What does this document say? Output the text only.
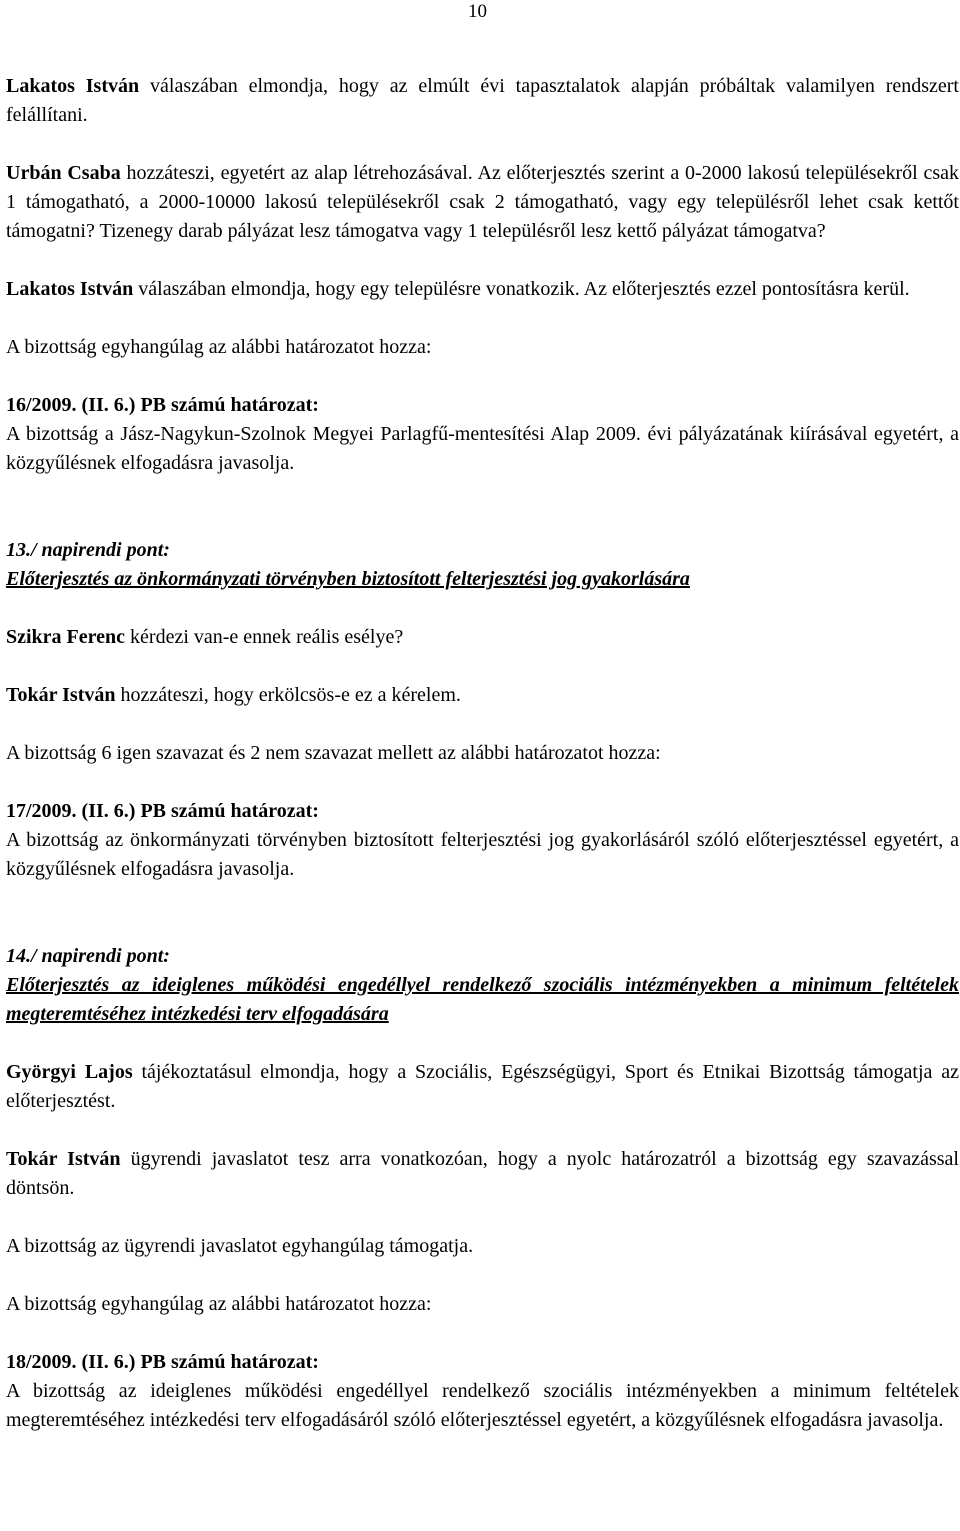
10

Lakatos István válaszában elmondja, hogy az elmúlt évi tapasztalatok alapján próbáltak valamilyen rendszert felállítani.

Urbán Csaba hozzáteszi, egyetért az alap létrehozásával. Az előterjesztés szerint a 0-2000 lakosú településekről csak 1 támogatható, a 2000-10000 lakosú településekről csak 2 támogatható, vagy egy településről lehet csak kettőt támogatni? Tizenegy darab pályázat lesz támogatva vagy 1 településről lesz kettő pályázat támogatva?

Lakatos István válaszában elmondja, hogy egy településre vonatkozik. Az előterjesztés ezzel pontosításra kerül.

A bizottság egyhangúlag az alábbi határozatot hozza:

16/2009. (II. 6.) PB számú határozat:

A bizottság a Jász-Nagykun-Szolnok Megyei Parlagfű-mentesítési Alap 2009. évi pályázatának kiírásával egyetért, a közgyűlésnek elfogadásra javasolja.

13./ napirendi pont:

Előterjesztés az önkormányzati törvényben biztosított felterjesztési jog gyakorlására

Szikra Ferenc kérdezi van-e ennek reális esélye?

Tokár István hozzáteszi, hogy erkölcsös-e ez a kérelem.

A bizottság 6 igen szavazat és 2 nem szavazat mellett az alábbi határozatot hozza:

17/2009. (II. 6.) PB számú határozat:

A bizottság az önkormányzati törvényben biztosított felterjesztési jog gyakorlásáról szóló előterjesztéssel egyetért, a közgyűlésnek elfogadásra javasolja.

14./ napirendi pont:

Előterjesztés az ideiglenes működési engedéllyel rendelkező szociális intézményekben a minimum feltételek megteremtéséhez intézkedési terv elfogadására

Györgyi Lajos tájékoztatásul elmondja, hogy a Szociális, Egészségügyi, Sport és Etnikai Bizottság támogatja az előterjesztést.

Tokár István ügyrendi javaslatot tesz arra vonatkozóan, hogy a nyolc határozatról a bizottság egy szavazással döntsön.

A bizottság az ügyrendi javaslatot egyhangúlag támogatja.

A bizottság egyhangúlag az alábbi határozatot hozza:

18/2009. (II. 6.) PB számú határozat:

A bizottság az ideiglenes működési engedéllyel rendelkező szociális intézményekben a minimum feltételek megteremtéséhez intézkedési terv elfogadásáról szóló előterjesztéssel egyetért, a közgyűlésnek elfogadásra javasolja.
